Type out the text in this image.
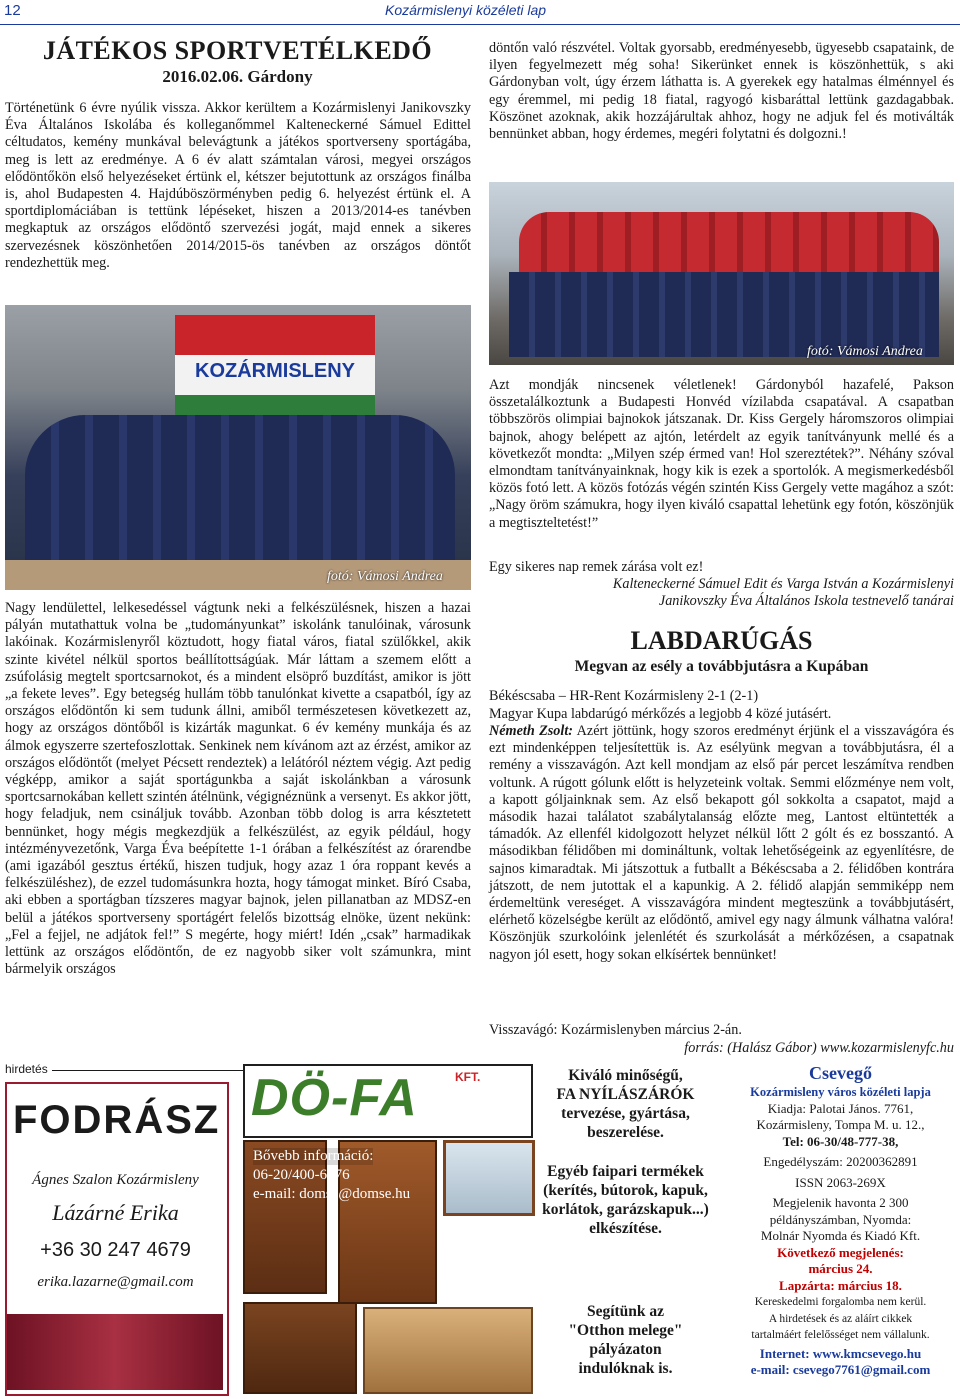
12	Kozármislenyi közéleti lap
JÁTÉKOS SPORTVETÉLKEDŐ
2016.02.06. Gárdony

Történetünk 6 évre nyúlik vissza. Akkor kerültem a Kozármislenyi Janikovszky Éva Általános Iskolába és kolleganőmmel Kalteneckerné Sámuel Edittel céltudatos, kemény munkával belevágtunk a játékos sportverseny sportágába, meg is lett az eredménye. A 6 év alatt számtalan városi, megyei országos elődöntőkön első helyezéseket értünk el, kétszer bejutottunk az országos finálba is, ahol Budapesten 4. Hajdúböszörményben pedig 6. helyezést értünk el. A sportdiplomáciában is tettünk lépéseket, hiszen a 2013/2014-es tanévben megkaptuk az országos elődöntő szervezési jogát, majd ennek a sikeres szervezésnek köszönhetően 2014/2015-ös tanévben az országos döntőt rendezhettük meg.

KOZÁRMISLENY
fotó: Vámosi Andrea

Nagy lendülettel, lelkesedéssel vágtunk neki a felkészülésnek, hiszen a hazai pályán mutathattuk volna be „tudományunkat” iskolánk tanulóinak, városunk lakóinak. Kozármislenyről köztudott, hogy fiatal város, fiatal szülőkkel, akik szinte kivétel nélkül sportos beállítottságúak. Már láttam a szemem előtt a zsúfolásig megtelt sportcsarnokot, és a mindent elsöprő buzdítást, amikor is jött „a fekete leves”. Egy betegség hullám több tanulónkat kivette a csapatból, így az országos elődöntőn ki sem tudunk állni, amiből természetesen következett az, hogy az országos döntőből is kizárták magunkat. 6 év kemény munkája és az álmok egyszerre szertefoszlottak. Senkinek nem kívánom azt az érzést, amikor az országos elődöntőt (melyet Pécsett rendeztek) a lelátóról néztem végig. Azt pedig végképp, amikor a saját sportágunkba a saját iskolánkban a városunk sportcsarnokában kellett szintén átélnünk, végignéznünk a versenyt. Es akkor jött, hogy feladjuk, nem csináljuk tovább. Azonban több dolog is arra késztetett bennünket, hogy mégis megkezdjük a felkészülést, az egyik például, hogy intézményvezetőnk, Varga Éva beépítette 1-1 órában a felkészítést az órarendbe (ami igazából gesztus értékű, hiszen tudjuk, hogy azaz 1 óra roppant kevés a felkészüléshez), de ezzel tudomásunkra hozta, hogy támogat minket. Bíró Csaba, aki ebben a sportágban tízszeres magyar bajnok, jelen pillanatban az MDSZ-en belül a játékos sportverseny sportágért felelős bizottság elnöke, üzent nekünk: „Fel a fejjel, ne adjátok fel!” S megérte, hogy miért! Idén „csak” harmadikak lettünk az országos elődöntőn, de ez nagyobb siker volt számunkra, mint bármelyik országos

döntőn való részvétel. Voltak gyorsabb, eredményesebb, ügyesebb csapataink, de ilyen fegyelmezett még soha! Sikerünket ennek is köszönhettük, s aki Gárdonyban volt, úgy érzem láthatta is. A gyerekek egy hatalmas élménnyel és egy éremmel, mi pedig 18 fiatal, ragyogó kisbaráttal lettünk gazdagabbak. Köszönet azoknak, akik hozzájárultak ahhoz, hogy ne adjuk fel és motiválták bennünket abban, hogy érdemes, megéri folytatni és dolgozni.!

fotó: Vámosi Andrea

Azt mondják nincsenek véletlenek! Gárdonyból hazafelé, Pakson összetalálkoztunk a Budapesti Honvéd vízilabda csapatával. A csapatban többszörös olimpiai bajnokok játszanak. Dr. Kiss Gergely háromszoros olimpiai bajnok, ahogy belépett az ajtón, letérdelt az egyik tanítványunk mellé és a következőt mondta: „Milyen szép érmed van! Hol szereztétek?”. Néhány szóval elmondtam tanítványainknak, hogy kik is ezek a sportolók. A megismerkedésből közös fotó lett. A közös fotózás végén szintén Kiss Gergely vette magához a szót: „Nagy öröm számukra, hogy ilyen kiváló csapattal lehetünk egy fotón, köszönjük a megtiszteltetést!”

Egy sikeres nap remek zárása volt ez!

Kalteneckerné Sámuel Edit és Varga István a Kozármislenyi
Janikovszky Éva Általános Iskola testnevelő tanárai
LABDARÚGÁS
Megvan az esély a továbbjutásra a Kupában
Békéscsaba – HR-Rent Kozármisleny 2-1 (2-1)
Magyar Kupa labdarúgó mérkőzés a legjobb 4 közé jutásért.

Németh Zsolt: Azért jöttünk, hogy szoros eredményt érjünk el a visszavágóra és ezt mindenképpen teljesítettük is. Az esélyünk megvan a továbbjutásra, él a remény a visszavágón. Azt kell mondjam az első pár percet leszámítva rendben voltunk. A rúgott gólunk előtt is helyzeteink voltak. Semmi előzménye nem volt, a kapott góljainknak sem. Az első bekapott gól sokkolta a csapatot, majd a második hazai találatot szabálytalanság előzte meg, Lantost eltüntették a támadók. Az ellenfél kidolgozott helyzet nélkül lőtt 2 gólt és ez bosszantó. A másodikban félidőben mi domináltunk, voltak lehetőségeink az egyenlítésre, de sajnos kimaradtak. Mi játszottuk a futballt a Békéscsaba a 2. félidőben kontrára játszott, de nem jutottak el a kapunkig. A 2. félidő alapján semmiképp nem érdemeltünk vereséget. A visszavágóra mindent megteszünk a továbbjutásért, elérhető közelségbe került az elődöntő, amivel egy nagy álmunk válhatna valóra! Köszönjük szurkolóink jelenlétét és szurkolását a mérkőzésen, a csapatnak nagyon jól esett, hogy sokan elkísértek bennünket!

Visszavágó: Kozármislenyben március 2-án.
forrás: (Halász Gábor) www.kozarmislenyfc.hu
hirdetés
FODRÁSZ
Ágnes Szalon Kozármisleny
Lázárné Erika
+36 30 247 4679
erika.lazarne@gmail.com
DÖ-FA	KFT.
Bővebb információ:
06-20/400-6976
e-mail: domse@domse.hu
Kiváló minőségű,
FA NYÍLÁSZÁRÓK
tervezése, gyártása, beszerelése.
Egyéb faipari termékek
(kerítés, bútorok, kapuk, korlátok, garázskapuk...)
elkészítése.
Segítünk az
"Otthon melege"
pályázaton
indulóknak is.
Csevegő
Kozármisleny város közéleti lapja
Kiadja: Palotai János. 7761,
Kozármisleny, Tompa M. u. 12.,
Tel: 06-30/48-777-38,
Engedélyszám: 20200362891
ISSN 2063-269X
Megjelenik havonta 2 300
példányszámban, Nyomda:
Molnár Nyomda és Kiadó Kft.
Következő megjelenés:
március 24.
Lapzárta: március 18.
Kereskedelmi forgalomba nem kerül.
A hirdetések és az aláírt cikkek
tartalmáért felelősséget nem vállalunk.
Internet: www.kmcsevego.hu
e-mail: csevego7761@gmail.com
